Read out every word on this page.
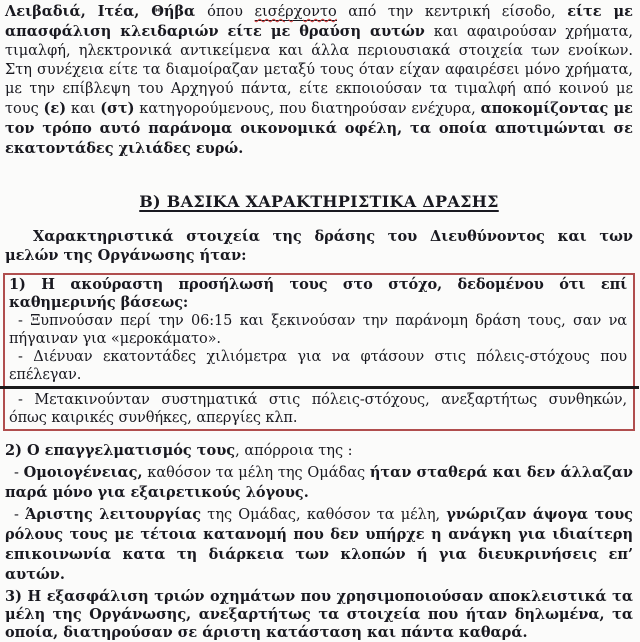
Λειβαδιά, Ιτέα, Θήβα όπου εισέρχοντο από την κεντρική είσοδο, είτε με απασφάλιση κλειδαριών είτε με θραύση αυτών και αφαιρούσαν χρήματα, τιμαλφή, ηλεκτρονικά αντικείμενα και άλλα περιουσιακά στοιχεία των ενοίκων. Στη συνέχεια είτε τα διαμοίραζαν μεταξύ τους όταν είχαν αφαιρέσει μόνο χρήματα, με την επίβλεψη του Αρχηγού πάντα, είτε εκποιούσαν τα τιμαλφή από κοινού με τους (ε) και (στ) κατηγορούμενους, που διατηρούσαν ενέχυρα, αποκομίζοντας με τον τρόπο αυτό παράνομα οικονομικά οφέλη, τα οποία αποτιμώνται σε εκατοντάδες χιλιάδες ευρώ.

Β) ΒΑΣΙΚΑ ΧΑΡΑΚΤΗΡΙΣΤΙΚΑ ΔΡΑΣΗΣ

Χαρακτηριστικά στοιχεία της δράσης του Διευθύνοντος και των μελών της Οργάνωσης ήταν:

1) Η ακούραστη προσήλωσή τους στο στόχο, δεδομένου ότι επί καθημερινής βάσεως:

- Ξυπνούσαν περί την 06:15 και ξεκινούσαν την παράνομη δράση τους, σαν να πήγαιναν για «μεροκάματο».

- Διένυαν εκατοντάδες χιλιόμετρα για να φτάσουν στις πόλεις-στόχους που επέλεγαν.

- Μετακινούνταν συστηματικά στις πόλεις-στόχους, ανεξαρτήτως συνθηκών, όπως καιρικές συνθήκες, απεργίες κλπ.

2) Ο επαγγελματισμός τους, απόρροια της :

- Ομοιογένειας, καθόσον τα μέλη της Ομάδας ήταν σταθερά και δεν άλλαζαν παρά μόνο για εξαιρετικούς λόγους.

- Άριστης λειτουργίας της Ομάδας, καθόσον τα μέλη, γνώριζαν άψογα τους ρόλους τους με τέτοια κατανομή που δεν υπήρχε η ανάγκη για ιδιαίτερη επικοινωνία κατα τη διάρκεια των κλοπών ή για διευκρινήσεις επ’ αυτών.

3) Η εξασφάλιση τριών οχημάτων που χρησιμοποιούσαν αποκλειστικά τα μέλη της Οργάνωσης, ανεξαρτήτως τα στοιχεία που ήταν δηλωμένα, τα οποία, διατηρούσαν σε άριστη κατάσταση και πάντα καθαρά.
